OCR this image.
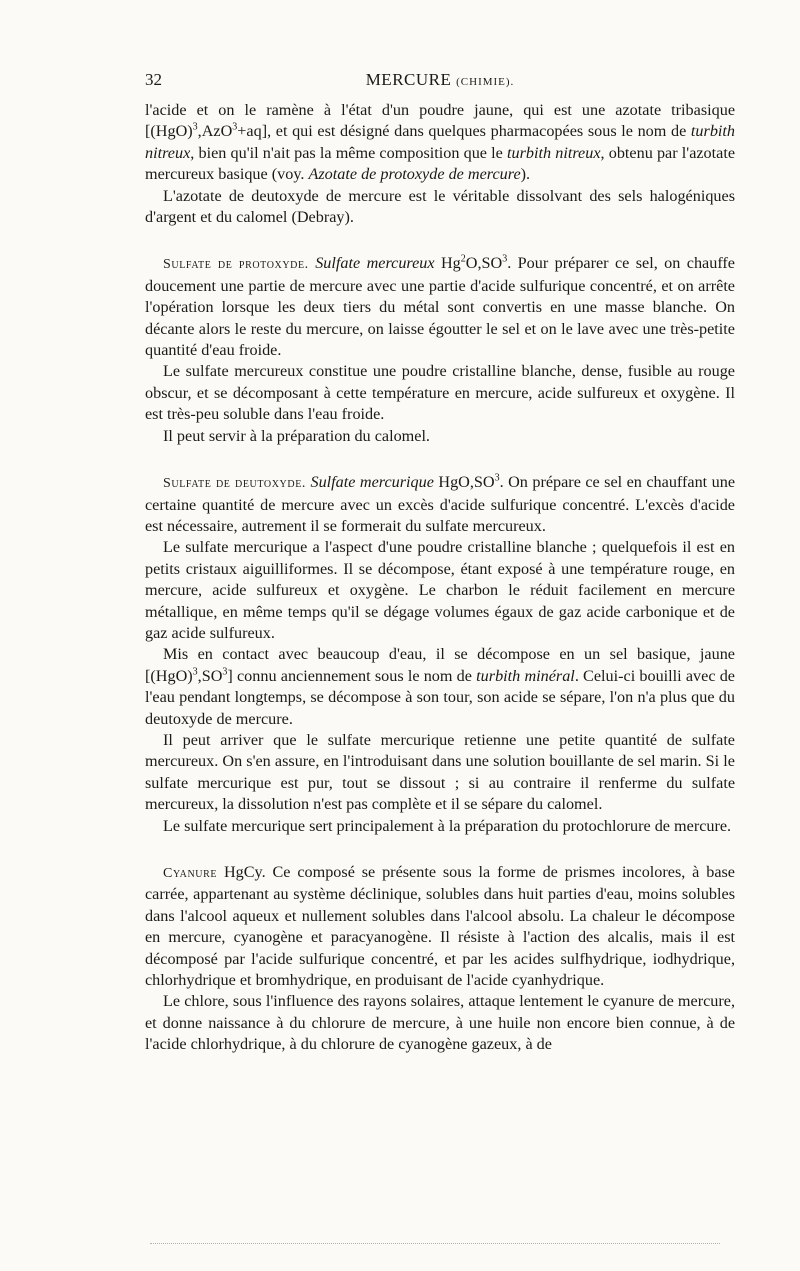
32	MERCURE (CHIMIE).

l'acide et on le ramène à l'état d'un poudre jaune, qui est une azotate tribasique [(HgO)$^3$,AzO$^3$+aq], et qui est désigné dans quelques pharmacopées sous le nom de turbith nitreux, bien qu'il n'ait pas la même composition que le turbith nitreux, obtenu par l'azotate mercureux basique (voy. Azotate de protoxyde de mercure).

L'azotate de deutoxyde de mercure est le véritable dissolvant des sels halogéniques d'argent et du calomel (Debray).

Sulfate de protoxyde. Sulfate mercureux $Hg^2O,SO^3$. Pour préparer ce sel, on chauffe doucement une partie de mercure avec une partie d'acide sulfurique concentré, et on arrête l'opération lorsque les deux tiers du métal sont convertis en une masse blanche. On décante alors le reste du mercure, on laisse égoutter le sel et on le lave avec une très-petite quantité d'eau froide.

Le sulfate mercureux constitue une poudre cristalline blanche, dense, fusible au rouge obscur, et se décomposant à cette température en mercure, acide sulfureux et oxygène. Il est très-peu soluble dans l'eau froide.

Il peut servir à la préparation du calomel.

Sulfate de deutoxyde. Sulfate mercurique $HgO,SO^3$. On prépare ce sel en chauffant une certaine quantité de mercure avec un excès d'acide sulfurique concentré. L'excès d'acide est nécessaire, autrement il se formerait du sulfate mercureux.

Le sulfate mercurique a l'aspect d'une poudre cristalline blanche ; quelquefois il est en petits cristaux aiguilliformes. Il se décompose, étant exposé à une température rouge, en mercure, acide sulfureux et oxygène. Le charbon le réduit facilement en mercure métallique, en même temps qu'il se dégage volumes égaux de gaz acide carbonique et de gaz acide sulfureux.

Mis en contact avec beaucoup d'eau, il se décompose en un sel basique, jaune $[(HgO)^3,SO^3]$ connu anciennement sous le nom de turbith minéral. Celui-ci bouilli avec de l'eau pendant longtemps, se décompose à son tour, son acide se sépare, l'on n'a plus que du deutoxyde de mercure.

Il peut arriver que le sulfate mercurique retienne une petite quantité de sulfate mercureux. On s'en assure, en l'introduisant dans une solution bouillante de sel marin. Si le sulfate mercurique est pur, tout se dissout ; si au contraire il renferme du sulfate mercureux, la dissolution n'est pas complète et il se sépare du calomel.

Le sulfate mercurique sert principalement à la préparation du protochlorure de mercure.

Cyanure HgCy. Ce composé se présente sous la forme de prismes incolores, à base carrée, appartenant au système déclinique, solubles dans huit parties d'eau, moins solubles dans l'alcool aqueux et nullement solubles dans l'alcool absolu. La chaleur le décompose en mercure, cyanogène et paracyanogène. Il résiste à l'action des alcalis, mais il est décomposé par l'acide sulfurique concentré, et par les acides sulfhydrique, iodhydrique, chlorhydrique et bromhydrique, en produisant de l'acide cyanhydrique.

Le chlore, sous l'influence des rayons solaires, attaque lentement le cyanure de mercure, et donne naissance à du chlorure de mercure, à une huile non encore bien connue, à de l'acide chlorhydrique, à du chlorure de cyanogène gazeux, à de
